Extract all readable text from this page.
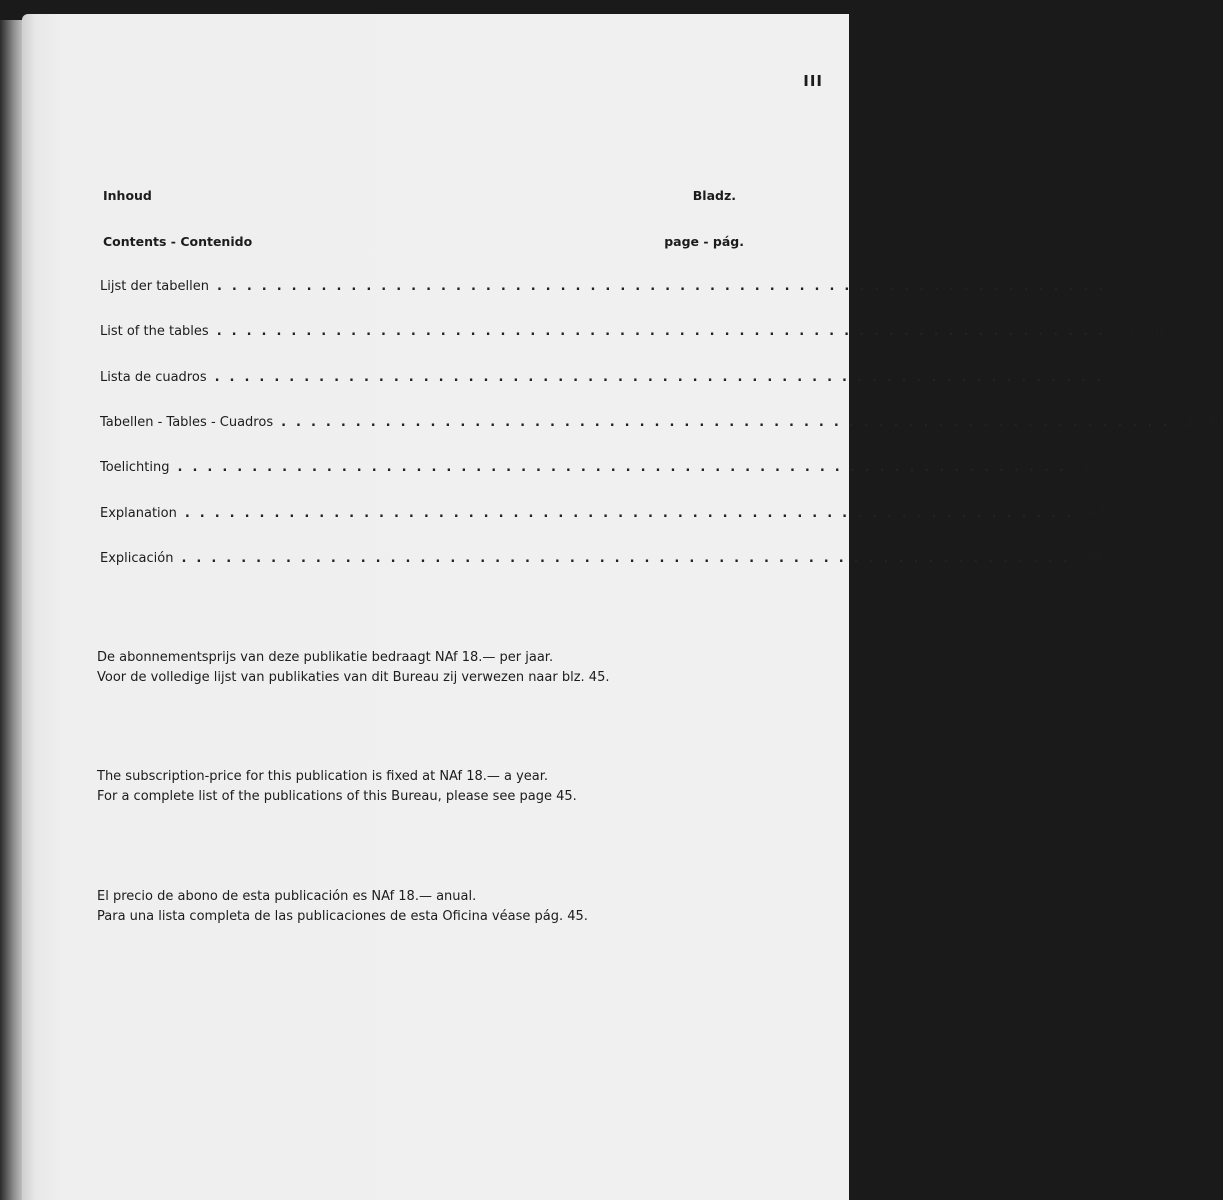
III
Inhoud	Bladz.
Contents - Contenido	page - pág.
Lijst der tabellen ............................................................ V
List of the tables ............................................................ VI - VII
Lista de cuadros ............................................................ VIII - IX
Tabellen - Tables - Cuadros ............................................................ 2 - 40
Toelichting ............................................................ 42
Explanation ............................................................ 43
Explicación ............................................................ 44
De abonnementsprijs van deze publikatie bedraagt NAf 18.— per jaar.
Voor de volledige lijst van publikaties van dit Bureau zij verwezen naar blz. 45.
The subscription-price for this publication is fixed at NAf 18.— a year.
For a complete list of the publications of this Bureau, please see page 45.
El precio de abono de esta publicación es NAf 18.— anual.
Para una lista completa de las publicaciones de esta Oficina véase pág. 45.
